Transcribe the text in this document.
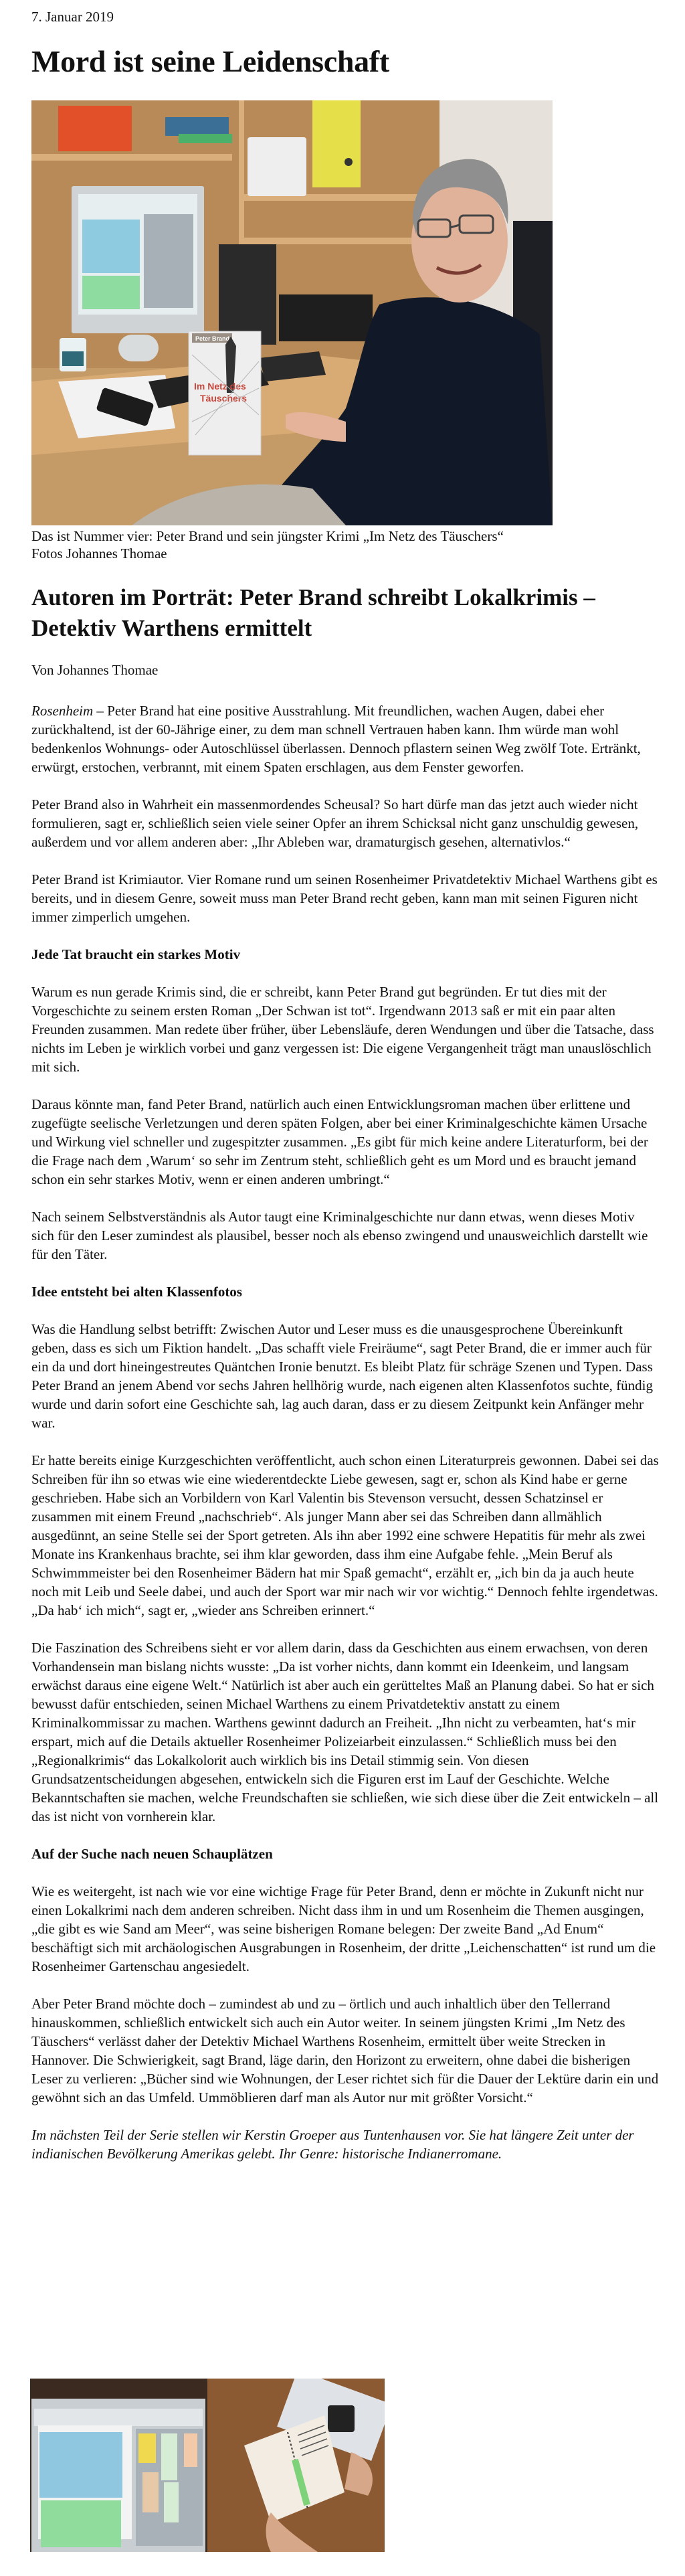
7. Januar 2019
Mord ist seine Leidenschaft
Peter Brand
Im Netz des
Täuschers
Das ist Nummer vier: Peter Brand und sein jüngster Krimi „Im Netz des Täuschers“
Fotos Johannes Thomae
Autoren im Porträt: Peter Brand schreibt Lokalkrimis – Detektiv Warthens ermittelt
Von Johannes Thomae

Rosenheim – Peter Brand hat eine positive Ausstrahlung. Mit freundlichen, wachen Augen, dabei eher zurückhaltend, ist der 60-Jährige einer, zu dem man schnell Vertrauen haben kann. Ihm würde man wohl bedenkenlos Wohnungs- oder Autoschlüssel überlassen. Dennoch pflastern seinen Weg zwölf Tote. Ertränkt, erwürgt, erstochen, verbrannt, mit einem Spaten erschlagen, aus dem Fenster geworfen.

Peter Brand also in Wahrheit ein massenmordendes Scheusal? So hart dürfe man das jetzt auch wieder nicht formulieren, sagt er, schließlich seien viele seiner Opfer an ihrem Schicksal nicht ganz unschuldig gewesen, außerdem und vor allem anderen aber: „Ihr Ableben war, dramaturgisch gesehen, alternativlos.“

Peter Brand ist Krimiautor. Vier Romane rund um seinen Rosenheimer Privatdetektiv Michael Warthens gibt es bereits, und in diesem Genre, soweit muss man Peter Brand recht geben, kann man mit seinen Figuren nicht immer zimperlich umgehen.

Jede Tat braucht ein starkes Motiv

Warum es nun gerade Krimis sind, die er schreibt, kann Peter Brand gut begründen. Er tut dies mit der Vorgeschichte zu seinem ersten Roman „Der Schwan ist tot“. Irgendwann 2013 saß er mit ein paar alten Freunden zusammen. Man redete über früher, über Lebensläufe, deren Wendungen und über die Tatsache, dass nichts im Leben je wirklich vorbei und ganz vergessen ist: Die eigene Vergangenheit trägt man unauslöschlich mit sich.

Daraus könnte man, fand Peter Brand, natürlich auch einen Entwicklungsroman machen über erlittene und zugefügte seelische Verletzungen und deren späten Folgen, aber bei einer Kriminalgeschichte kämen Ursache und Wirkung viel schneller und zugespitzter zusammen. „Es gibt für mich keine andere Literaturform, bei der die Frage nach dem ‚Warum‘ so sehr im Zentrum steht, schließlich geht es um Mord und es braucht jemand schon ein sehr starkes Motiv, wenn er einen anderen umbringt.“

Nach seinem Selbstverständnis als Autor taugt eine Kriminalgeschichte nur dann etwas, wenn dieses Motiv sich für den Leser zumindest als plausibel, besser noch als ebenso zwingend und unausweichlich darstellt wie für den Täter.

Idee entsteht bei alten Klassenfotos

Was die Handlung selbst betrifft: Zwischen Autor und Leser muss es die unausgesprochene Übereinkunft geben, dass es sich um Fiktion handelt. „Das schafft viele Freiräume“, sagt Peter Brand, die er immer auch für ein da und dort hineingestreutes Quäntchen Ironie benutzt. Es bleibt Platz für schräge Szenen und Typen. Dass Peter Brand an jenem Abend vor sechs Jahren hellhörig wurde, nach eigenen alten Klassenfotos suchte, fündig wurde und darin sofort eine Geschichte sah, lag auch daran, dass er zu diesem Zeitpunkt kein Anfänger mehr war.

Er hatte bereits einige Kurzgeschichten veröffentlicht, auch schon einen Literaturpreis gewonnen. Dabei sei das Schreiben für ihn so etwas wie eine wiederentdeckte Liebe gewesen, sagt er, schon als Kind habe er gerne geschrieben. Habe sich an Vorbildern von Karl Valentin bis Stevenson versucht, dessen Schatzinsel er zusammen mit einem Freund „nachschrieb“. Als junger Mann aber sei das Schreiben dann allmählich ausgedünnt, an seine Stelle sei der Sport getreten. Als ihn aber 1992 eine schwere Hepatitis für mehr als zwei Monate ins Krankenhaus brachte, sei ihm klar geworden, dass ihm eine Aufgabe fehle. „Mein Beruf als Schwimmmeister bei den Rosenheimer Bädern hat mir Spaß gemacht“, erzählt er, „ich bin da ja auch heute noch mit Leib und Seele dabei, und auch der Sport war mir nach wir vor wichtig.“ Dennoch fehlte irgendetwas. „Da hab‘ ich mich“, sagt er, „wieder ans Schreiben erinnert.“

Die Faszination des Schreibens sieht er vor allem darin, dass da Geschichten aus einem erwachsen, von deren Vorhandensein man bislang nichts wusste: „Da ist vorher nichts, dann kommt ein Ideenkeim, und langsam erwächst daraus eine eigene Welt.“ Natürlich ist aber auch ein gerütteltes Maß an Planung dabei. So hat er sich bewusst dafür entschieden, seinen Michael Warthens zu einem Privatdetektiv anstatt zu einem Kriminalkommissar zu machen. Warthens gewinnt dadurch an Freiheit. „Ihn nicht zu verbeamten, hat‘s mir erspart, mich auf die Details aktueller Rosenheimer Polizeiarbeit einzulassen.“ Schließlich muss bei den „Regionalkrimis“ das Lokalkolorit auch wirklich bis ins Detail stimmig sein. Von diesen Grundsatzentscheidungen abgesehen, entwickeln sich die Figuren erst im Lauf der Geschichte. Welche Bekanntschaften sie machen, welche Freundschaften sie schließen, wie sich diese über die Zeit entwickeln – all das ist nicht von vornherein klar.

Auf der Suche nach neuen Schauplätzen

Wie es weitergeht, ist nach wie vor eine wichtige Frage für Peter Brand, denn er möchte in Zukunft nicht nur einen Lokalkrimi nach dem anderen schreiben. Nicht dass ihm in und um Rosenheim die Themen ausgingen, „die gibt es wie Sand am Meer“, was seine bisherigen Romane belegen: Der zweite Band „Ad Enum“ beschäftigt sich mit archäologischen Ausgrabungen in Rosenheim, der dritte „Leichenschatten“ ist rund um die Rosenheimer Gartenschau angesiedelt.

Aber Peter Brand möchte doch – zumindest ab und zu – örtlich und auch inhaltlich über den Tellerrand hinauskommen, schließlich entwickelt sich auch ein Autor weiter. In seinem jüngsten Krimi „Im Netz des Täuschers“ verlässt daher der Detektiv Michael Warthens Rosenheim, ermittelt über weite Strecken in Hannover. Die Schwierigkeit, sagt Brand, läge darin, den Horizont zu erweitern, ohne dabei die bisherigen Leser zu verlieren: „Bücher sind wie Wohnungen, der Leser richtet sich für die Dauer der Lektüre darin ein und gewöhnt sich an das Umfeld. Ummöblieren darf man als Autor nur mit größter Vorsicht.“

Im nächsten Teil der Serie stellen wir Kerstin Groeper aus Tuntenhausen vor. Sie hat längere Zeit unter der indianischen Bevölkerung Amerikas gelebt. Ihr Genre: historische Indianerromane.
